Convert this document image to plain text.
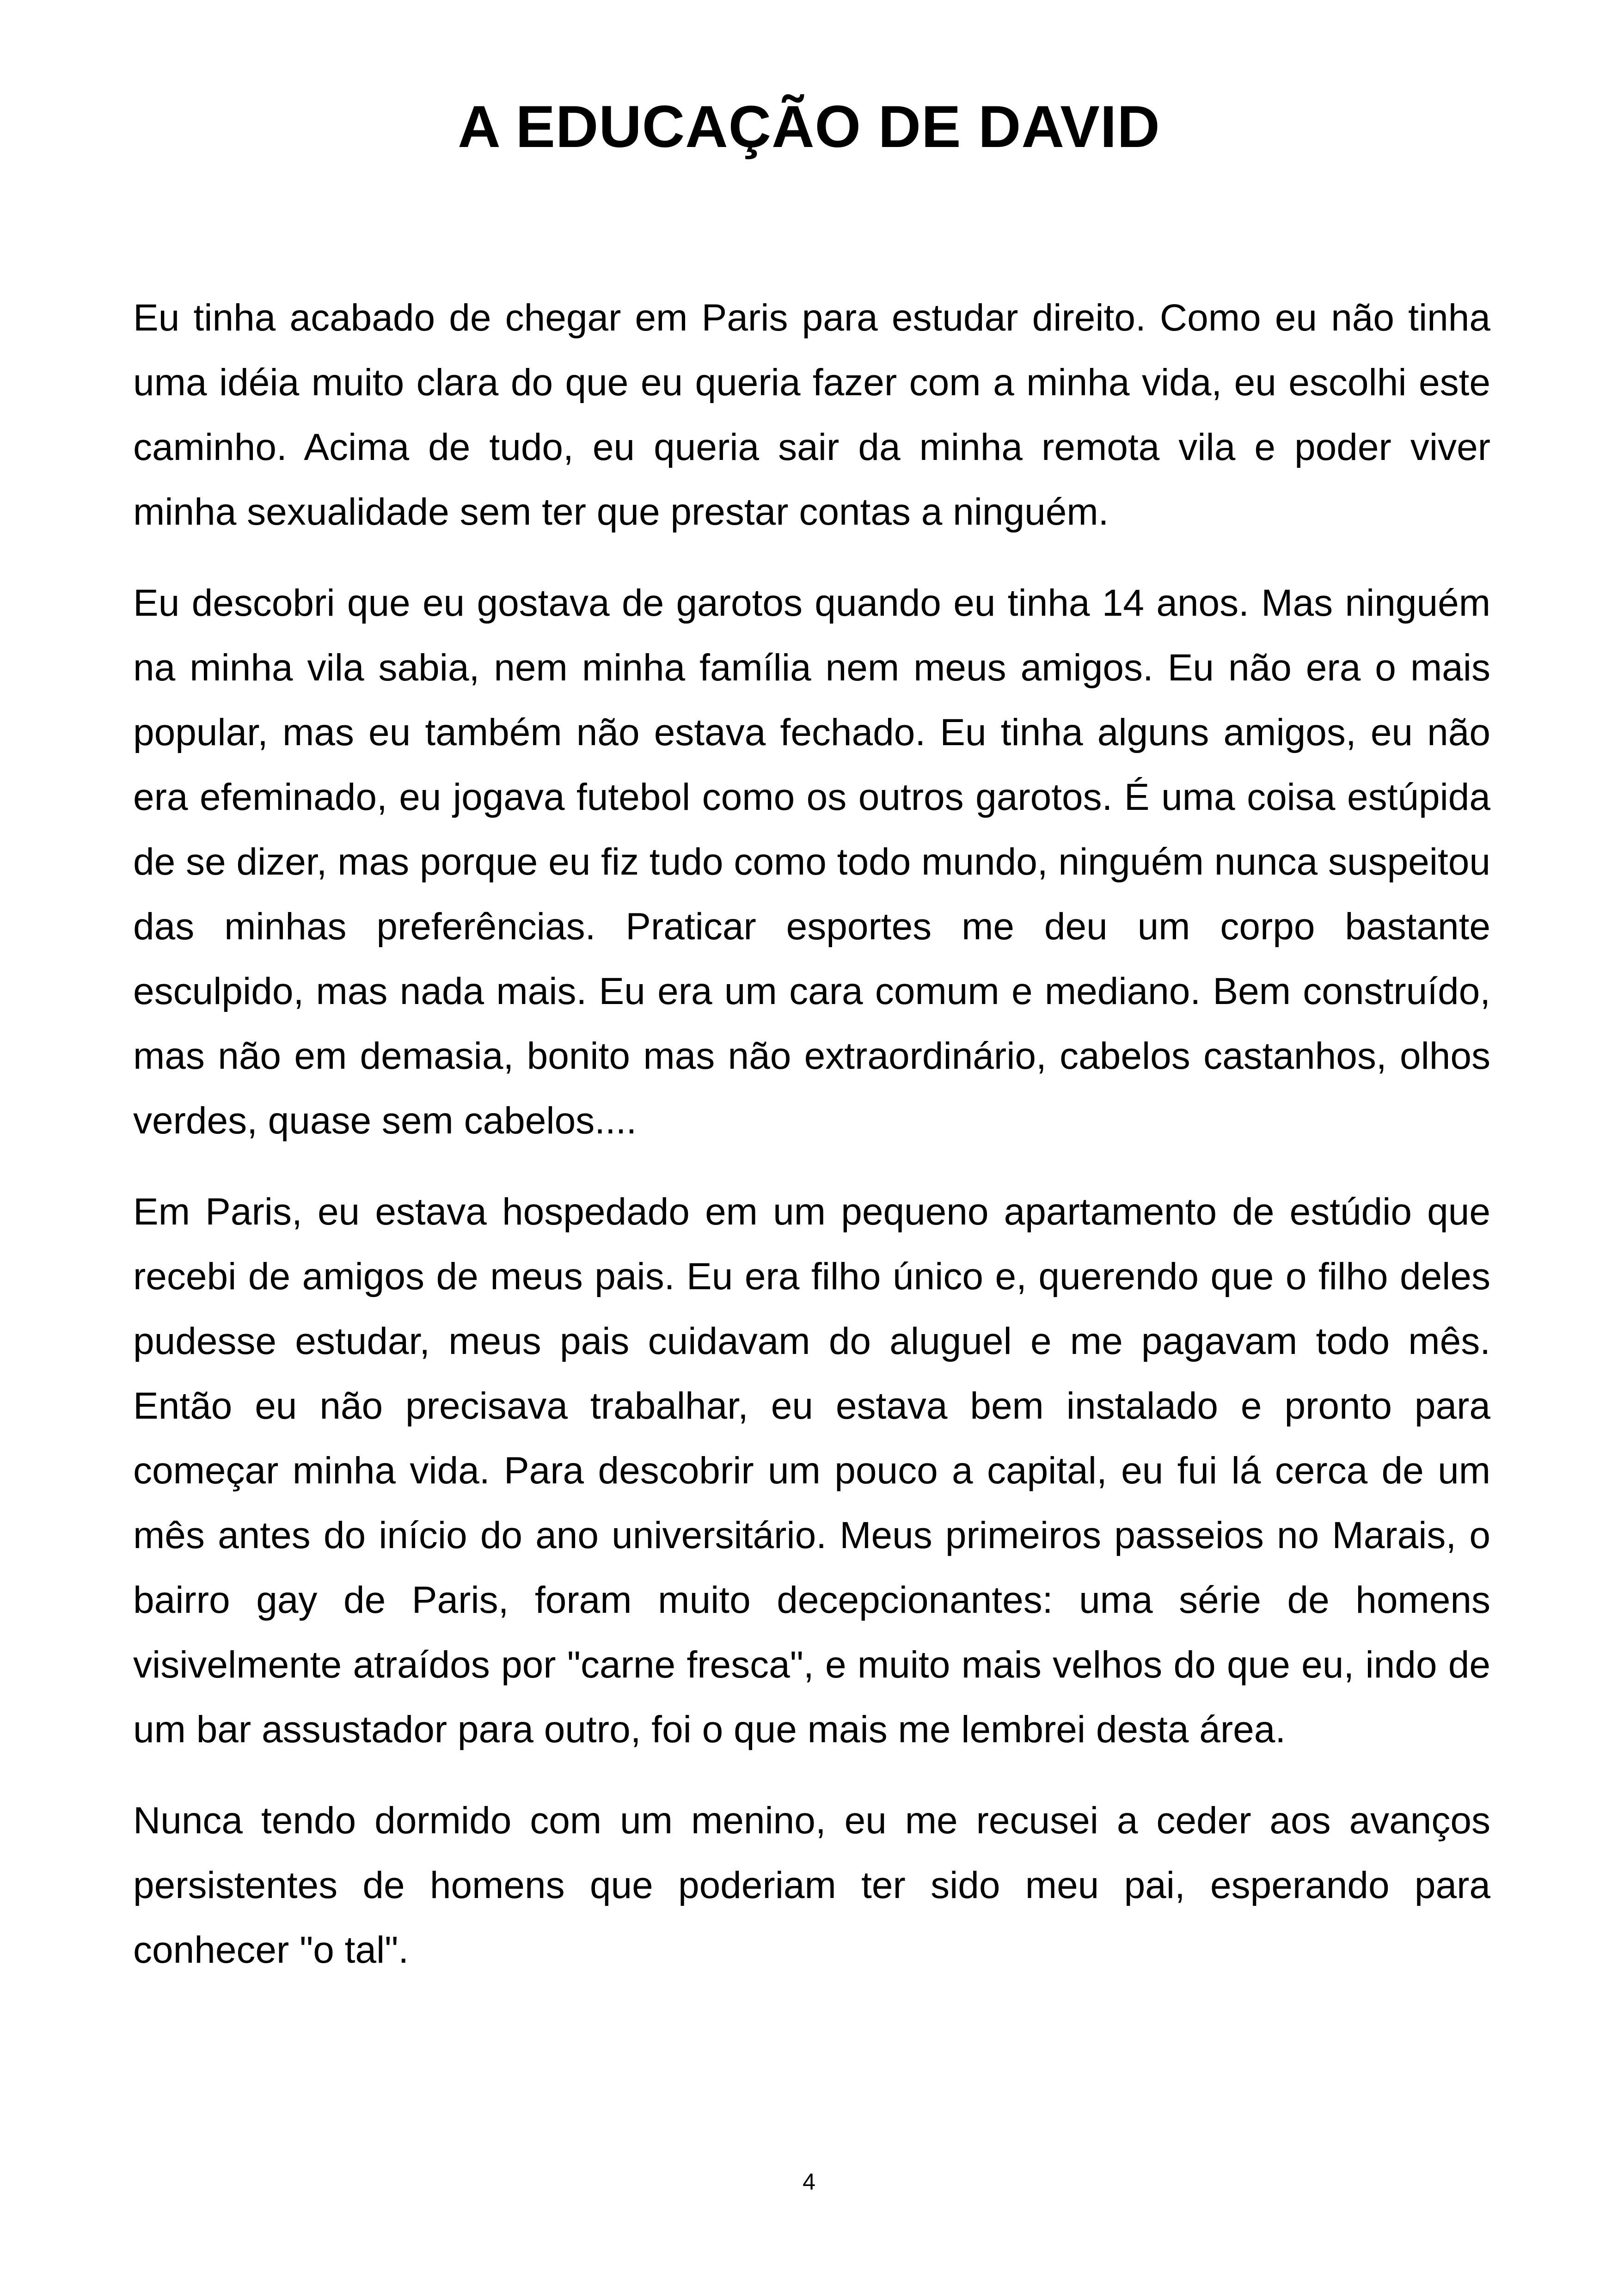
A EDUCAÇÃO DE DAVID

Eu tinha acabado de chegar em Paris para estudar direito. Como eu não tinha uma idéia muito clara do que eu queria fazer com a minha vida, eu escolhi este caminho. Acima de tudo, eu queria sair da minha remota vila e poder viver minha sexualidade sem ter que prestar contas a ninguém.

Eu descobri que eu gostava de garotos quando eu tinha 14 anos. Mas ninguém na minha vila sabia, nem minha família nem meus amigos. Eu não era o mais popular, mas eu também não estava fechado. Eu tinha alguns amigos, eu não era efeminado, eu jogava futebol como os outros garotos. É uma coisa estúpida de se dizer, mas porque eu fiz tudo como todo mundo, ninguém nunca suspeitou das minhas preferências. Praticar esportes me deu um corpo bastante esculpido, mas nada mais. Eu era um cara comum e mediano. Bem construído, mas não em demasia, bonito mas não extraordinário, cabelos castanhos, olhos verdes, quase sem cabelos....

Em Paris, eu estava hospedado em um pequeno apartamento de estúdio que recebi de amigos de meus pais. Eu era filho único e, querendo que o filho deles pudesse estudar, meus pais cuidavam do aluguel e me pagavam todo mês. Então eu não precisava trabalhar, eu estava bem instalado e pronto para começar minha vida. Para descobrir um pouco a capital, eu fui lá cerca de um mês antes do início do ano universitário. Meus primeiros passeios no Marais, o bairro gay de Paris, foram muito decepcionantes: uma série de homens visivelmente atraídos por "carne fresca", e muito mais velhos do que eu, indo de um bar assustador para outro, foi o que mais me lembrei desta área.

Nunca tendo dormido com um menino, eu me recusei a ceder aos avanços persistentes de homens que poderiam ter sido meu pai, esperando para conhecer "o tal".

4
